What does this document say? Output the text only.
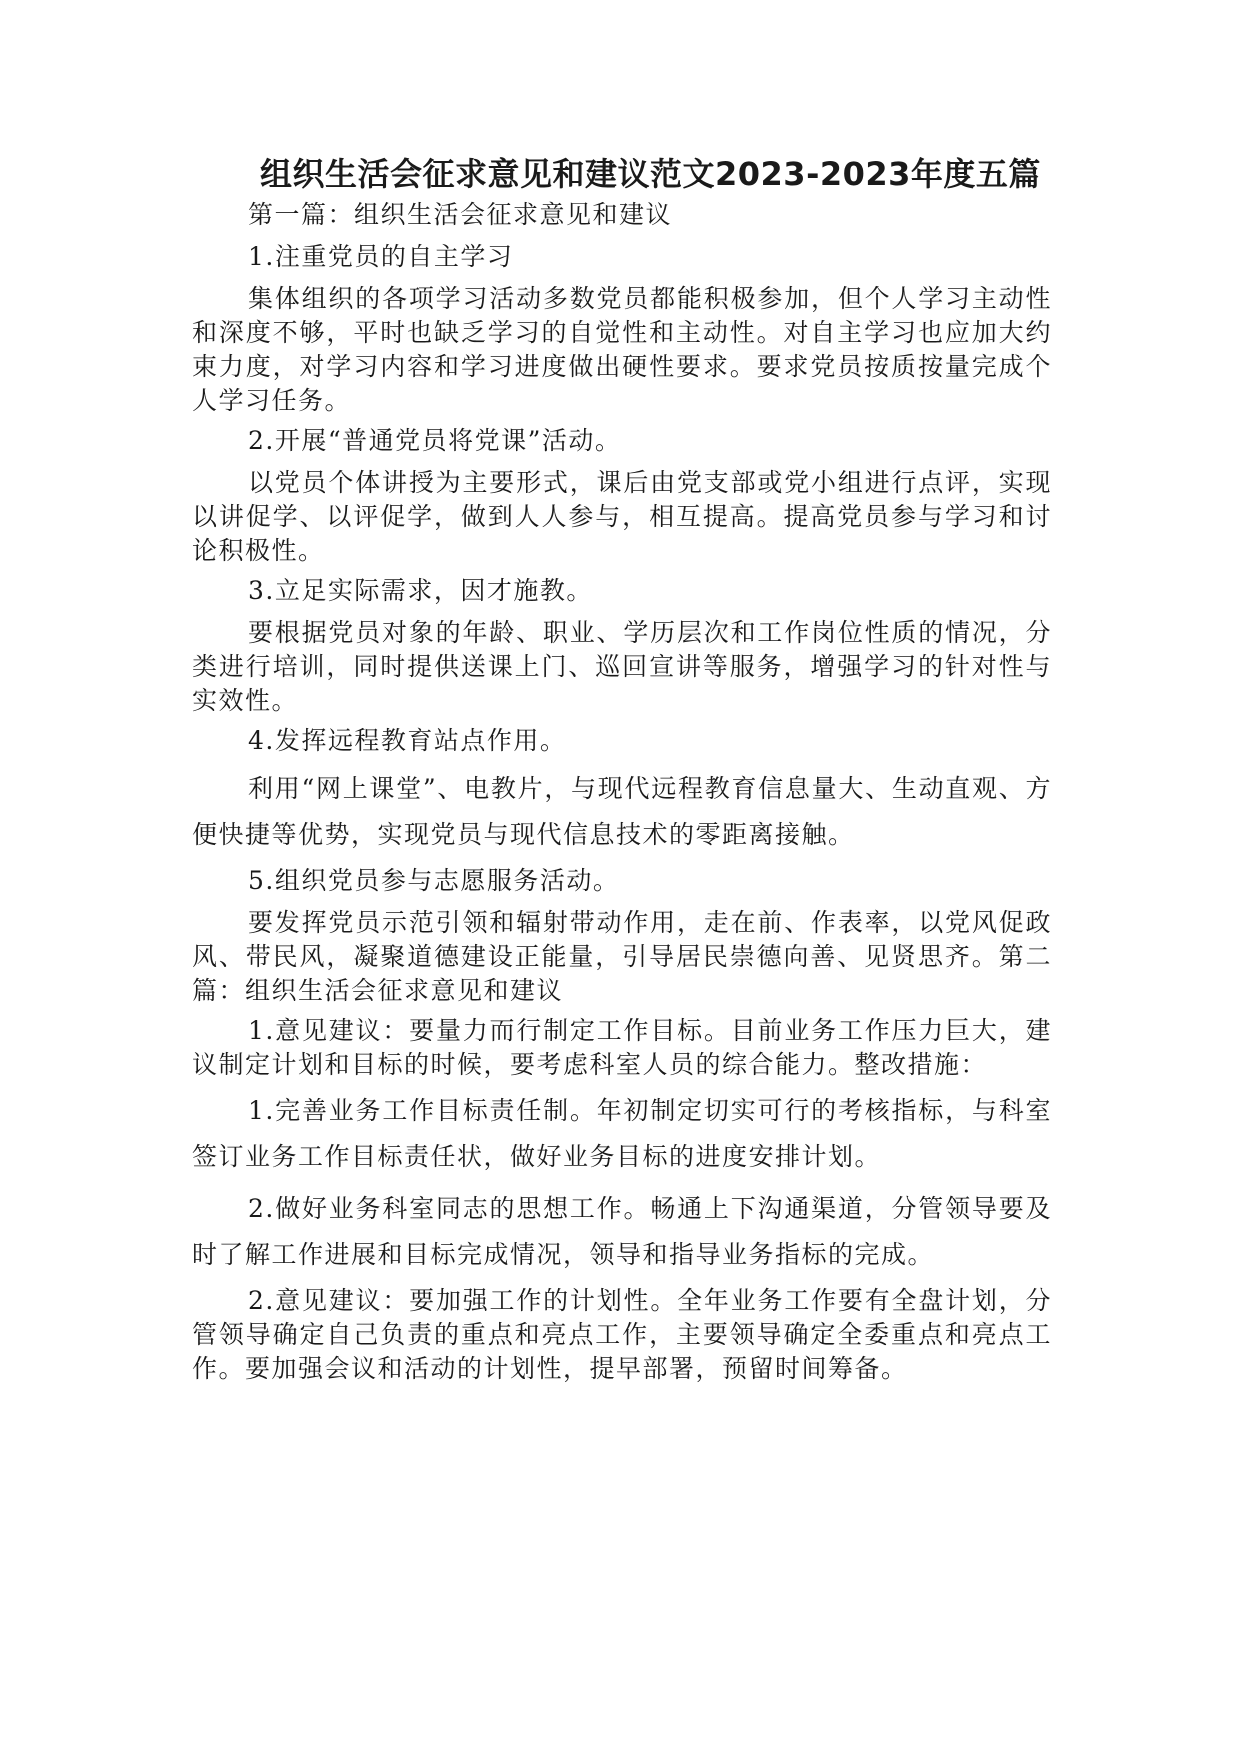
组织生活会征求意见和建议范文2023-2023年度五篇

第一篇：组织生活会征求意见和建议

1.注重党员的自主学习

集体组织的各项学习活动多数党员都能积极参加，但个人学习主动性和深度不够，平时也缺乏学习的自觉性和主动性。对自主学习也应加大约束力度，对学习内容和学习进度做出硬性要求。要求党员按质按量完成个人学习任务。

2.开展“普通党员将党课”活动。

以党员个体讲授为主要形式，课后由党支部或党小组进行点评，实现以讲促学、以评促学，做到人人参与，相互提高。提高党员参与学习和讨论积极性。

3.立足实际需求，因才施教。

要根据党员对象的年龄、职业、学历层次和工作岗位性质的情况，分类进行培训，同时提供送课上门、巡回宣讲等服务，增强学习的针对性与实效性。

4.发挥远程教育站点作用。

利用“网上课堂”、电教片，与现代远程教育信息量大、生动直观、方便快捷等优势，实现党员与现代信息技术的零距离接触。

5.组织党员参与志愿服务活动。

要发挥党员示范引领和辐射带动作用，走在前、作表率，以党风促政风、带民风，凝聚道德建设正能量，引导居民崇德向善、见贤思齐。第二篇：组织生活会征求意见和建议

1.意见建议：要量力而行制定工作目标。目前业务工作压力巨大，建议制定计划和目标的时候，要考虑科室人员的综合能力。整改措施：

1.完善业务工作目标责任制。年初制定切实可行的考核指标，与科室签订业务工作目标责任状，做好业务目标的进度安排计划。

2.做好业务科室同志的思想工作。畅通上下沟通渠道，分管领导要及时了解工作进展和目标完成情况，领导和指导业务指标的完成。

2.意见建议：要加强工作的计划性。全年业务工作要有全盘计划，分管领导确定自己负责的重点和亮点工作，主要领导确定全委重点和亮点工作。要加强会议和活动的计划性，提早部署，预留时间筹备。
